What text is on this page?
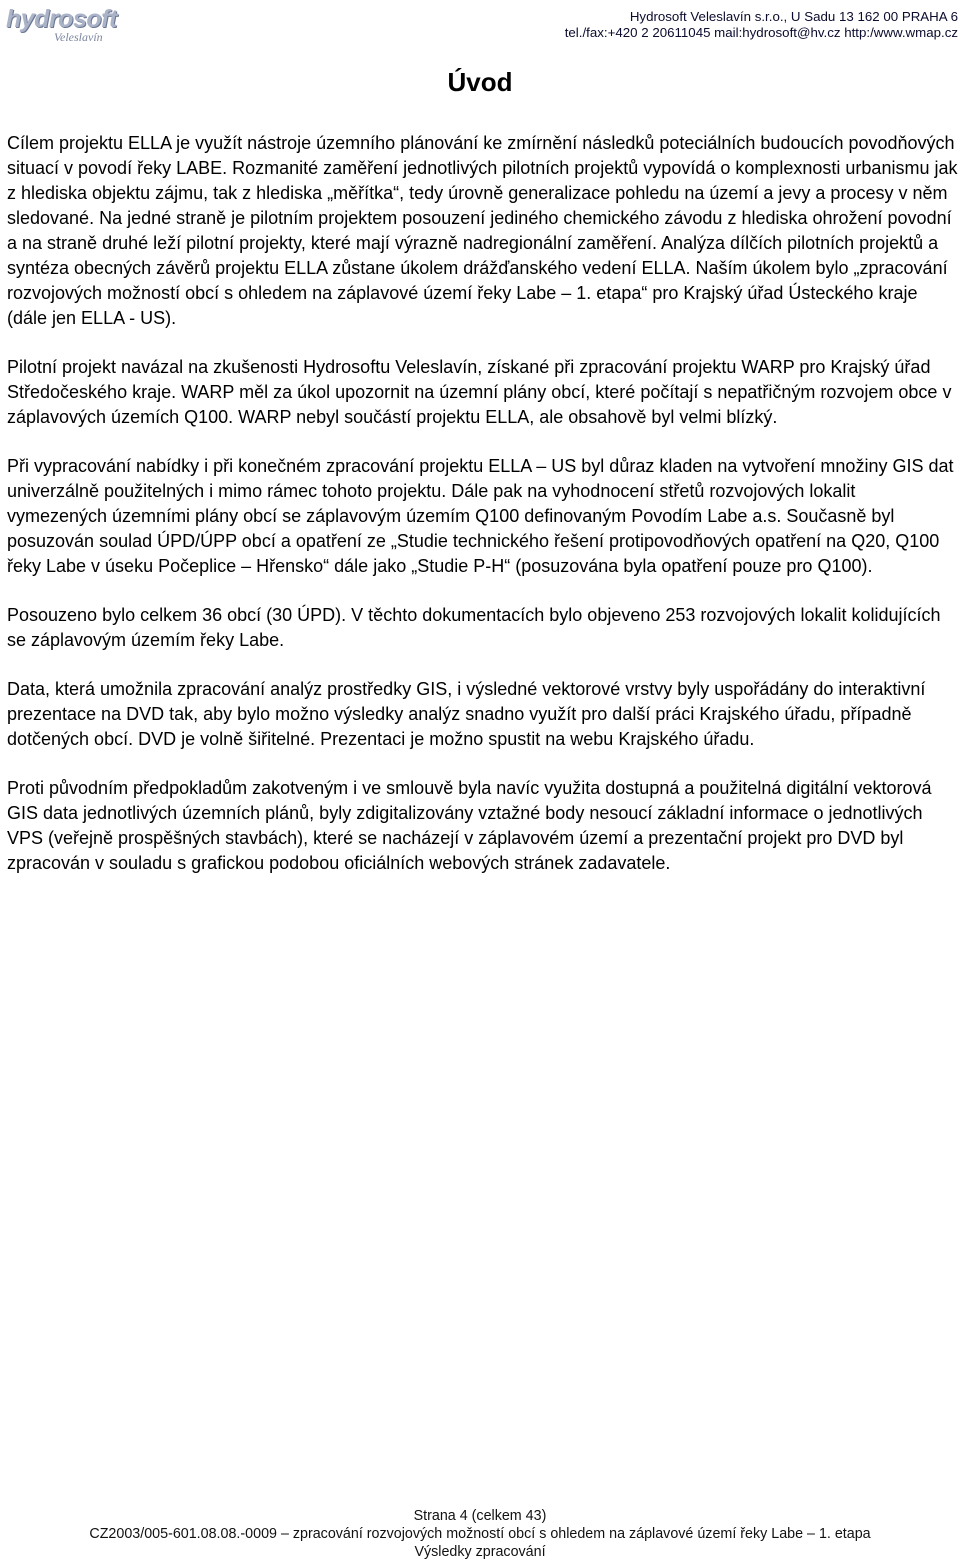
hydrosoft
Veleslavín
Hydrosoft Veleslavín s.r.o., U Sadu 13 162 00 PRAHA 6
tel./fax:+420 2 20611045 mail:hydrosoft@hv.cz http:/www.wmap.cz
Úvod

Cílem projektu ELLA je využít nástroje územního plánování ke zmírnění následků poteciálních budoucích povodňových situací v povodí řeky LABE. Rozmanité zaměření jednotlivých pilotních projektů vypovídá o komplexnosti urbanismu jak z hlediska objektu zájmu, tak z hlediska „měřítka“, tedy úrovně generalizace pohledu na území a jevy a procesy v něm sledované. Na jedné straně je pilotním projektem posouzení jediného chemického závodu z hlediska ohrožení povodní a na straně druhé leží pilotní projekty, které mají výrazně nadregionální zaměření. Analýza dílčích pilotních projektů a syntéza obecných závěrů projektu ELLA zůstane úkolem drážďanského vedení ELLA. Naším úkolem bylo „zpracování rozvojových možností obcí s ohledem na záplavové území řeky Labe – 1. etapa“ pro Krajský úřad Ústeckého kraje (dále jen ELLA - US).

Pilotní projekt navázal na zkušenosti Hydrosoftu Veleslavín, získané při zpracování projektu WARP pro Krajský úřad Středočeského kraje. WARP měl za úkol upozornit na územní plány obcí, které počítají s nepatřičným rozvojem obce v záplavových územích Q100. WARP nebyl součástí projektu ELLA, ale obsahově byl velmi blízký.

Při vypracování nabídky i při konečném zpracování projektu ELLA – US byl důraz kladen na vytvoření množiny GIS dat univerzálně použitelných i mimo rámec tohoto projektu. Dále pak na vyhodnocení střetů rozvojových lokalit vymezených územními plány obcí se záplavovým územím Q100 definovaným Povodím Labe a.s. Současně byl posuzován soulad ÚPD/ÚPP obcí a opatření ze „Studie technického řešení protipovodňových opatření na Q20, Q100 řeky Labe v úseku Počeplice – Hřensko“ dále jako „Studie P-H“ (posuzována byla opatření pouze pro Q100).

Posouzeno bylo celkem 36 obcí (30 ÚPD). V těchto dokumentacích bylo objeveno 253 rozvojových lokalit kolidujících se záplavovým územím řeky Labe.

Data, která umožnila zpracování analýz prostředky GIS, i výsledné vektorové vrstvy byly uspořádány do interaktivní prezentace na DVD tak, aby bylo možno výsledky analýz snadno využít pro další práci Krajského úřadu, případně dotčených obcí. DVD je volně šiřitelné. Prezentaci je možno spustit na webu Krajského úřadu.

Proti původním předpokladům zakotveným i ve smlouvě byla navíc využita dostupná a použitelná digitální vektorová GIS data jednotlivých územních plánů, byly zdigitalizovány vztažné body nesoucí základní informace o jednotlivých VPS (veřejně prospěšných stavbách), které se nacházejí v záplavovém území a prezentační projekt pro DVD byl zpracován v souladu s grafickou podobou oficiálních webových stránek zadavatele.

Strana 4 (celkem 43)
CZ2003/005-601.08.08.-0009 – zpracování rozvojových možností obcí s ohledem na záplavové území řeky Labe – 1. etapa
Výsledky zpracování
